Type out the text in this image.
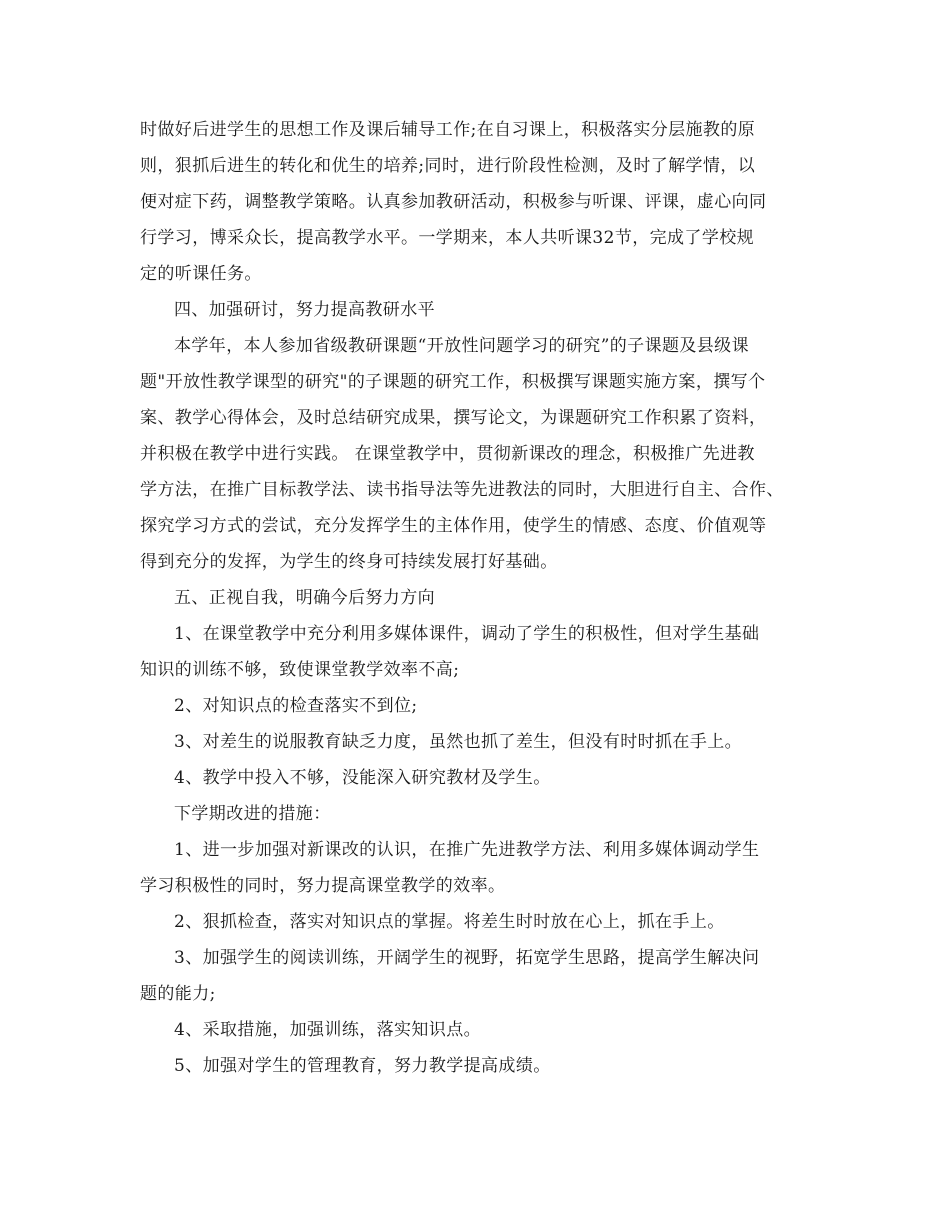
时做好后进学生的思想工作及课后辅导工作;在自习课上，积极落实分层施教的原
则，狠抓后进生的转化和优生的培养;同时，进行阶段性检测，及时了解学情，以
便对症下药，调整教学策略。认真参加教研活动，积极参与听课、评课，虚心向同
行学习，博采众长，提高教学水平。一学期来，本人共听课32节，完成了学校规
定的听课任务。
四、加强研讨，努力提高教研水平
本学年，本人参加省级教研课题“开放性问题学习的研究”的子课题及县级课
题"开放性教学课型的研究"的子课题的研究工作，积极撰写课题实施方案，撰写个
案、教学心得体会，及时总结研究成果，撰写论文，为课题研究工作积累了资料，
并积极在教学中进行实践。 在课堂教学中，贯彻新课改的理念，积极推广先进教
学方法，在推广目标教学法、读书指导法等先进教法的同时，大胆进行自主、合作、
探究学习方式的尝试，充分发挥学生的主体作用，使学生的情感、态度、价值观等
得到充分的发挥，为学生的终身可持续发展打好基础。
五、正视自我，明确今后努力方向
1、在课堂教学中充分利用多媒体课件，调动了学生的积极性，但对学生基础
知识的训练不够，致使课堂教学效率不高;
2、对知识点的检查落实不到位;
3、对差生的说服教育缺乏力度，虽然也抓了差生，但没有时时抓在手上。
4、教学中投入不够，没能深入研究教材及学生。
下学期改进的措施：
1、进一步加强对新课改的认识，在推广先进教学方法、利用多媒体调动学生
学习积极性的同时，努力提高课堂教学的效率。
2、狠抓检查，落实对知识点的掌握。将差生时时放在心上，抓在手上。
3、加强学生的阅读训练，开阔学生的视野，拓宽学生思路，提高学生解决问
题的能力;
4、采取措施，加强训练，落实知识点。
5、加强对学生的管理教育，努力教学提高成绩。
